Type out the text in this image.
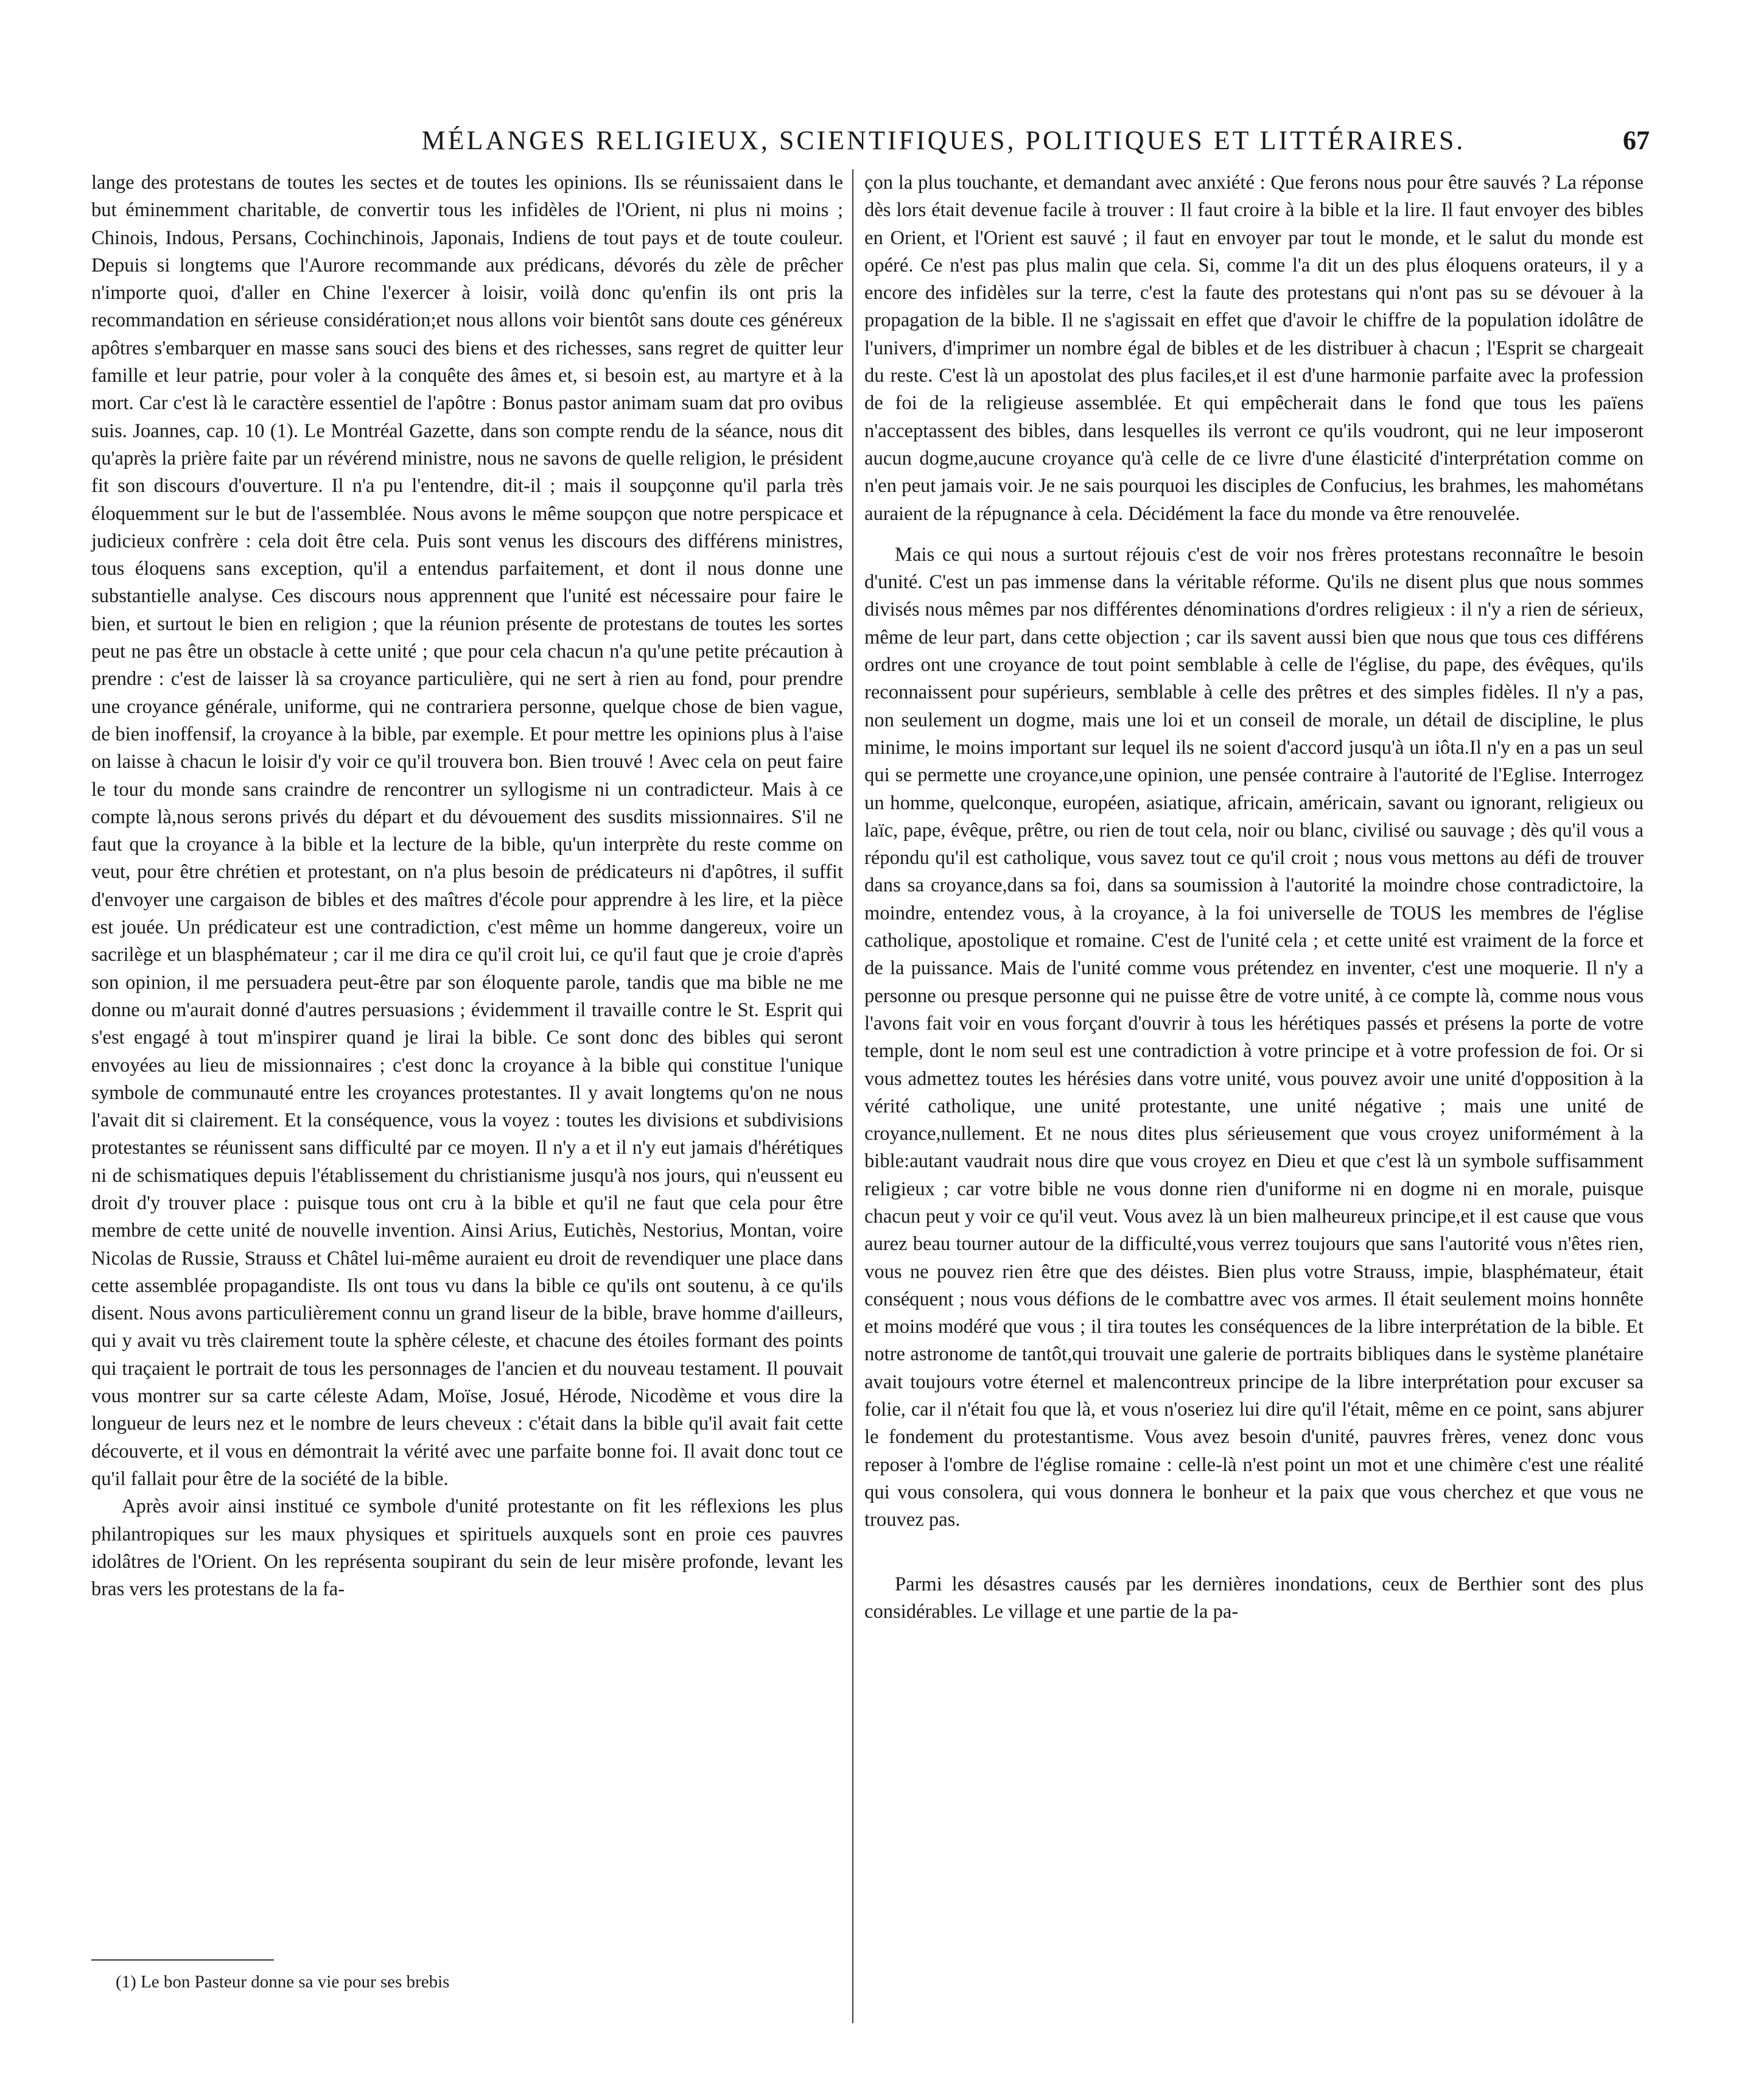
MÉLANGES RELIGIEUX, SCIENTIFIQUES, POLITIQUES ET LITTÉRAIRES.	67

lange des protestans de toutes les sectes et de toutes les opinions. Ils se réunissaient dans le but éminemment charitable, de convertir tous les infidèles de l'Orient, ni plus ni moins ; Chinois, Indous, Persans, Cochinchinois, Japonais, Indiens de tout pays et de toute couleur. Depuis si longtems que l'Aurore recommande aux prédicans, dévorés du zèle de prêcher n'importe quoi, d'aller en Chine l'exercer à loisir, voilà donc qu'enfin ils ont pris la recommandation en sérieuse considération;et nous allons voir bientôt sans doute ces généreux apôtres s'embarquer en masse sans souci des biens et des richesses, sans regret de quitter leur famille et leur patrie, pour voler à la conquête des âmes et, si besoin est, au martyre et à la mort. Car c'est là le caractère essentiel de l'apôtre : Bonus pastor animam suam dat pro ovibus suis. Joannes, cap. 10 (1). Le Montréal Gazette, dans son compte rendu de la séance, nous dit qu'après la prière faite par un révérend ministre, nous ne savons de quelle religion, le président fit son discours d'ouverture. Il n'a pu l'entendre, dit-il ; mais il soupçonne qu'il parla très éloquemment sur le but de l'assemblée. Nous avons le même soupçon que notre perspicace et judicieux confrère : cela doit être cela. Puis sont venus les discours des différens ministres, tous éloquens sans exception, qu'il a entendus parfaitement, et dont il nous donne une substantielle analyse. Ces discours nous apprennent que l'unité est nécessaire pour faire le bien, et surtout le bien en religion ; que la réunion présente de protestans de toutes les sortes peut ne pas être un obstacle à cette unité ; que pour cela chacun n'a qu'une petite précaution à prendre : c'est de laisser là sa croyance particulière, qui ne sert à rien au fond, pour prendre une croyance générale, uniforme, qui ne contrariera personne, quelque chose de bien vague, de bien inoffensif, la croyance à la bible, par exemple. Et pour mettre les opinions plus à l'aise on laisse à chacun le loisir d'y voir ce qu'il trouvera bon. Bien trouvé ! Avec cela on peut faire le tour du monde sans craindre de rencontrer un syllogisme ni un contradicteur. Mais à ce compte là,nous serons privés du départ et du dévouement des susdits missionnaires. S'il ne faut que la croyance à la bible et la lecture de la bible, qu'un interprète du reste comme on veut, pour être chrétien et protestant, on n'a plus besoin de prédicateurs ni d'apôtres, il suffit d'envoyer une cargaison de bibles et des maîtres d'école pour apprendre à les lire, et la pièce est jouée. Un prédicateur est une contradiction, c'est même un homme dangereux, voire un sacrilège et un blasphémateur ; car il me dira ce qu'il croit lui, ce qu'il faut que je croie d'après son opinion, il me persuadera peut-être par son éloquente parole, tandis que ma bible ne me donne ou m'aurait donné d'autres persuasions ; évidemment il travaille contre le St. Esprit qui s'est engagé à tout m'inspirer quand je lirai la bible. Ce sont donc des bibles qui seront envoyées au lieu de missionnaires ; c'est donc la croyance à la bible qui constitue l'unique symbole de communauté entre les croyances protestantes. Il y avait longtems qu'on ne nous l'avait dit si clairement. Et la conséquence, vous la voyez : toutes les divisions et subdivisions protestantes se réunissent sans difficulté par ce moyen. Il n'y a et il n'y eut jamais d'hérétiques ni de schismatiques depuis l'établissement du christianisme jusqu'à nos jours, qui n'eussent eu droit d'y trouver place : puisque tous ont cru à la bible et qu'il ne faut que cela pour être membre de cette unité de nouvelle invention. Ainsi Arius, Eutichès, Nestorius, Montan, voire Nicolas de Russie, Strauss et Châtel lui-même auraient eu droit de revendiquer une place dans cette assemblée propagandiste. Ils ont tous vu dans la bible ce qu'ils ont soutenu, à ce qu'ils disent. Nous avons particulièrement connu un grand liseur de la bible, brave homme d'ailleurs, qui y avait vu très clairement toute la sphère céleste, et chacune des étoiles formant des points qui traçaient le portrait de tous les personnages de l'ancien et du nouveau testament. Il pouvait vous montrer sur sa carte céleste Adam, Moïse, Josué, Hérode, Nicodème et vous dire la longueur de leurs nez et le nombre de leurs cheveux : c'était dans la bible qu'il avait fait cette découverte, et il vous en démontrait la vérité avec une parfaite bonne foi. Il avait donc tout ce qu'il fallait pour être de la société de la bible.

Après avoir ainsi institué ce symbole d'unité protestante on fit les réflexions les plus philantropiques sur les maux physiques et spirituels auxquels sont en proie ces pauvres idolâtres de l'Orient. On les représenta soupirant du sein de leur misère profonde, levant les bras vers les protestans de la fa-

çon la plus touchante, et demandant avec anxiété : Que ferons nous pour être sauvés ? La réponse dès lors était devenue facile à trouver : Il faut croire à la bible et la lire. Il faut envoyer des bibles en Orient, et l'Orient est sauvé ; il faut en envoyer par tout le monde, et le salut du monde est opéré. Ce n'est pas plus malin que cela. Si, comme l'a dit un des plus éloquens orateurs, il y a encore des infidèles sur la terre, c'est la faute des protestans qui n'ont pas su se dévouer à la propagation de la bible. Il ne s'agissait en effet que d'avoir le chiffre de la population idolâtre de l'univers, d'imprimer un nombre égal de bibles et de les distribuer à chacun ; l'Esprit se chargeait du reste. C'est là un apostolat des plus faciles,et il est d'une harmonie parfaite avec la profession de foi de la religieuse assemblée. Et qui empêcherait dans le fond que tous les païens n'acceptassent des bibles, dans lesquelles ils verront ce qu'ils voudront, qui ne leur imposeront aucun dogme,aucune croyance qu'à celle de ce livre d'une élasticité d'interprétation comme on n'en peut jamais voir. Je ne sais pourquoi les disciples de Confucius, les brahmes, les mahométans auraient de la répugnance à cela. Décidément la face du monde va être renouvelée.

Mais ce qui nous a surtout réjouis c'est de voir nos frères protestans reconnaître le besoin d'unité. C'est un pas immense dans la véritable réforme. Qu'ils ne disent plus que nous sommes divisés nous mêmes par nos différentes dénominations d'ordres religieux : il n'y a rien de sérieux, même de leur part, dans cette objection ; car ils savent aussi bien que nous que tous ces différens ordres ont une croyance de tout point semblable à celle de l'église, du pape, des évêques, qu'ils reconnaissent pour supérieurs, semblable à celle des prêtres et des simples fidèles. Il n'y a pas, non seulement un dogme, mais une loi et un conseil de morale, un détail de discipline, le plus minime, le moins important sur lequel ils ne soient d'accord jusqu'à un iôta.Il n'y en a pas un seul qui se permette une croyance,une opinion, une pensée contraire à l'autorité de l'Eglise. Interrogez un homme, quelconque, européen, asiatique, africain, américain, savant ou ignorant, religieux ou laïc, pape, évêque, prêtre, ou rien de tout cela, noir ou blanc, civilisé ou sauvage ; dès qu'il vous a répondu qu'il est catholique, vous savez tout ce qu'il croit ; nous vous mettons au défi de trouver dans sa croyance,dans sa foi, dans sa soumission à l'autorité la moindre chose contradictoire, la moindre, entendez vous, à la croyance, à la foi universelle de TOUS les membres de l'église catholique, apostolique et romaine. C'est de l'unité cela ; et cette unité est vraiment de la force et de la puissance. Mais de l'unité comme vous prétendez en inventer, c'est une moquerie. Il n'y a personne ou presque personne qui ne puisse être de votre unité, à ce compte là, comme nous vous l'avons fait voir en vous forçant d'ouvrir à tous les hérétiques passés et présens la porte de votre temple, dont le nom seul est une contradiction à votre principe et à votre profession de foi. Or si vous admettez toutes les hérésies dans votre unité, vous pouvez avoir une unité d'opposition à la vérité catholique, une unité protestante, une unité négative ; mais une unité de croyance,nullement. Et ne nous dites plus sérieusement que vous croyez uniformément à la bible:autant vaudrait nous dire que vous croyez en Dieu et que c'est là un symbole suffisamment religieux ; car votre bible ne vous donne rien d'uniforme ni en dogme ni en morale, puisque chacun peut y voir ce qu'il veut. Vous avez là un bien malheureux principe,et il est cause que vous aurez beau tourner autour de la difficulté,vous verrez toujours que sans l'autorité vous n'êtes rien, vous ne pouvez rien être que des déistes. Bien plus votre Strauss, impie, blasphémateur, était conséquent ; nous vous défions de le combattre avec vos armes. Il était seulement moins honnête et moins modéré que vous ; il tira toutes les conséquences de la libre interprétation de la bible. Et notre astronome de tantôt,qui trouvait une galerie de portraits bibliques dans le système planétaire avait toujours votre éternel et malencontreux principe de la libre interprétation pour excuser sa folie, car il n'était fou que là, et vous n'oseriez lui dire qu'il l'était, même en ce point, sans abjurer le fondement du protestantisme. Vous avez besoin d'unité, pauvres frères, venez donc vous reposer à l'ombre de l'église romaine : celle-là n'est point un mot et une chimère c'est une réalité qui vous consolera, qui vous donnera le bonheur et la paix que vous cherchez et que vous ne trouvez pas.

Parmi les désastres causés par les dernières inondations, ceux de Berthier sont des plus considérables. Le village et une partie de la pa-

(1) Le bon Pasteur donne sa vie pour ses brebis
